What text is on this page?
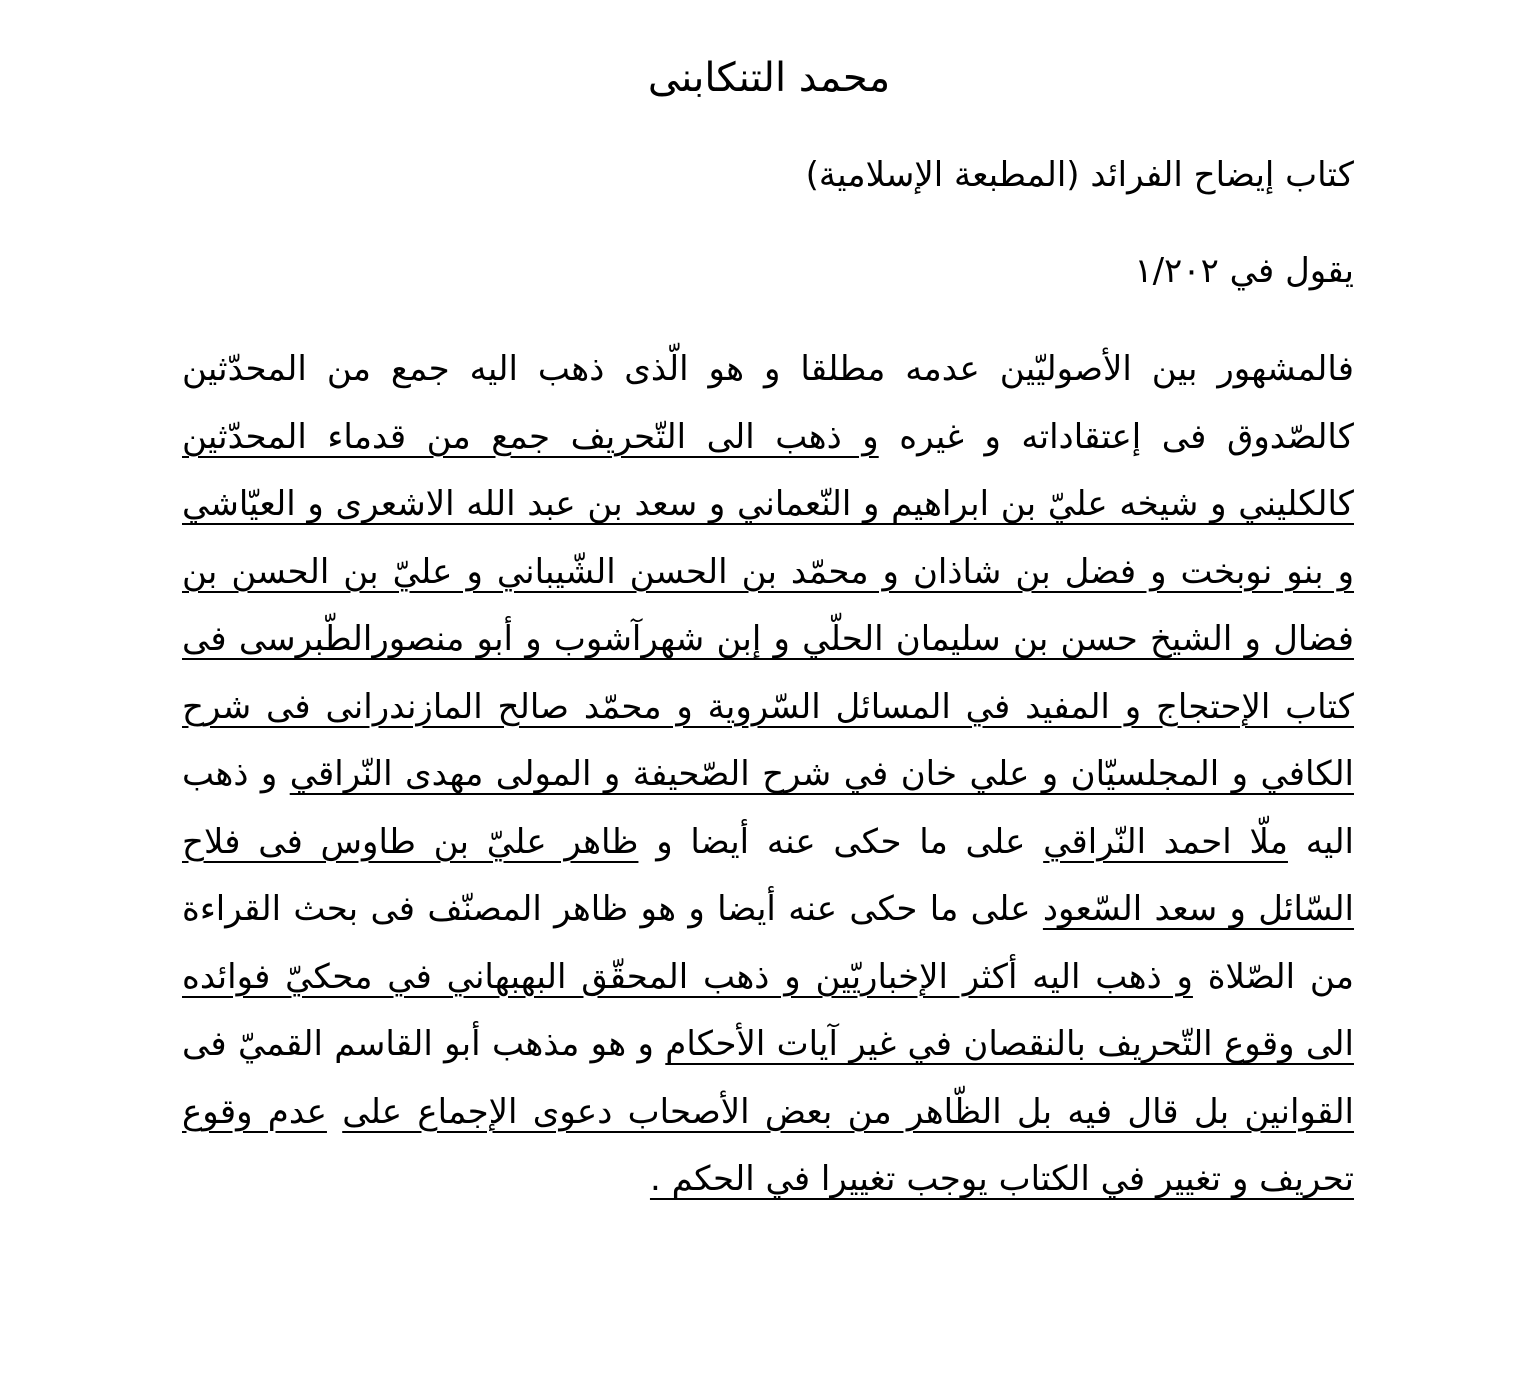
محمد التنكابنی
كتاب إيضاح الفرائد (المطبعة الإسلامية)
يقول في ١/٢٠٢
فالمشهور بين الأصوليّين عدمه مطلقا و هو الّذى ذهب اليه جمع من المحدّثين كالصّدوق فى إعتقاداته و غيره و ذهب الى التّحريف جمع من قدماء المحدّثين كالكليني و شيخه عليّ بن ابراهيم و النّعماني و سعد بن عبد الله الاشعرى و العيّاشي و بنو نوبخت و فضل بن شاذان و محمّد بن الحسن الشّيباني و عليّ بن الحسن بن فضال و الشيخ حسن بن سليمان الحلّي و إبن شهرآشوب و أبو منصورالطّبرسى فى كتاب الإحتجاج و المفيد في المسائل السّروية و محمّد صالح المازندرانى فى شرح الكافي و المجلسيّان و علي خان في شرح الصّحيفة و المولى مهدى النّراقي و ذهب اليه ملّا احمد النّراقي على ما حكى عنه أيضا و ظاهر عليّ بن طاوس فى فلاح السّائل و سعد السّعود على ما حكى عنه أيضا و هو ظاهر المصنّف فى بحث القراءة من الصّلاة و ذهب اليه أكثر الإخباريّين و ذهب المحقّق البهبهاني في محكيّ فوائده الى وقوع التّحريف بالنقصان في غير آيات الأحكام و هو مذهب أبو القاسم القميّ فى القوانين بل قال فيه بل الظّاهر من بعض الأصحاب دعوى الإجماع على عدم وقوع تحريف و تغيير في الكتاب يوجب تغييرا في الحكم .
